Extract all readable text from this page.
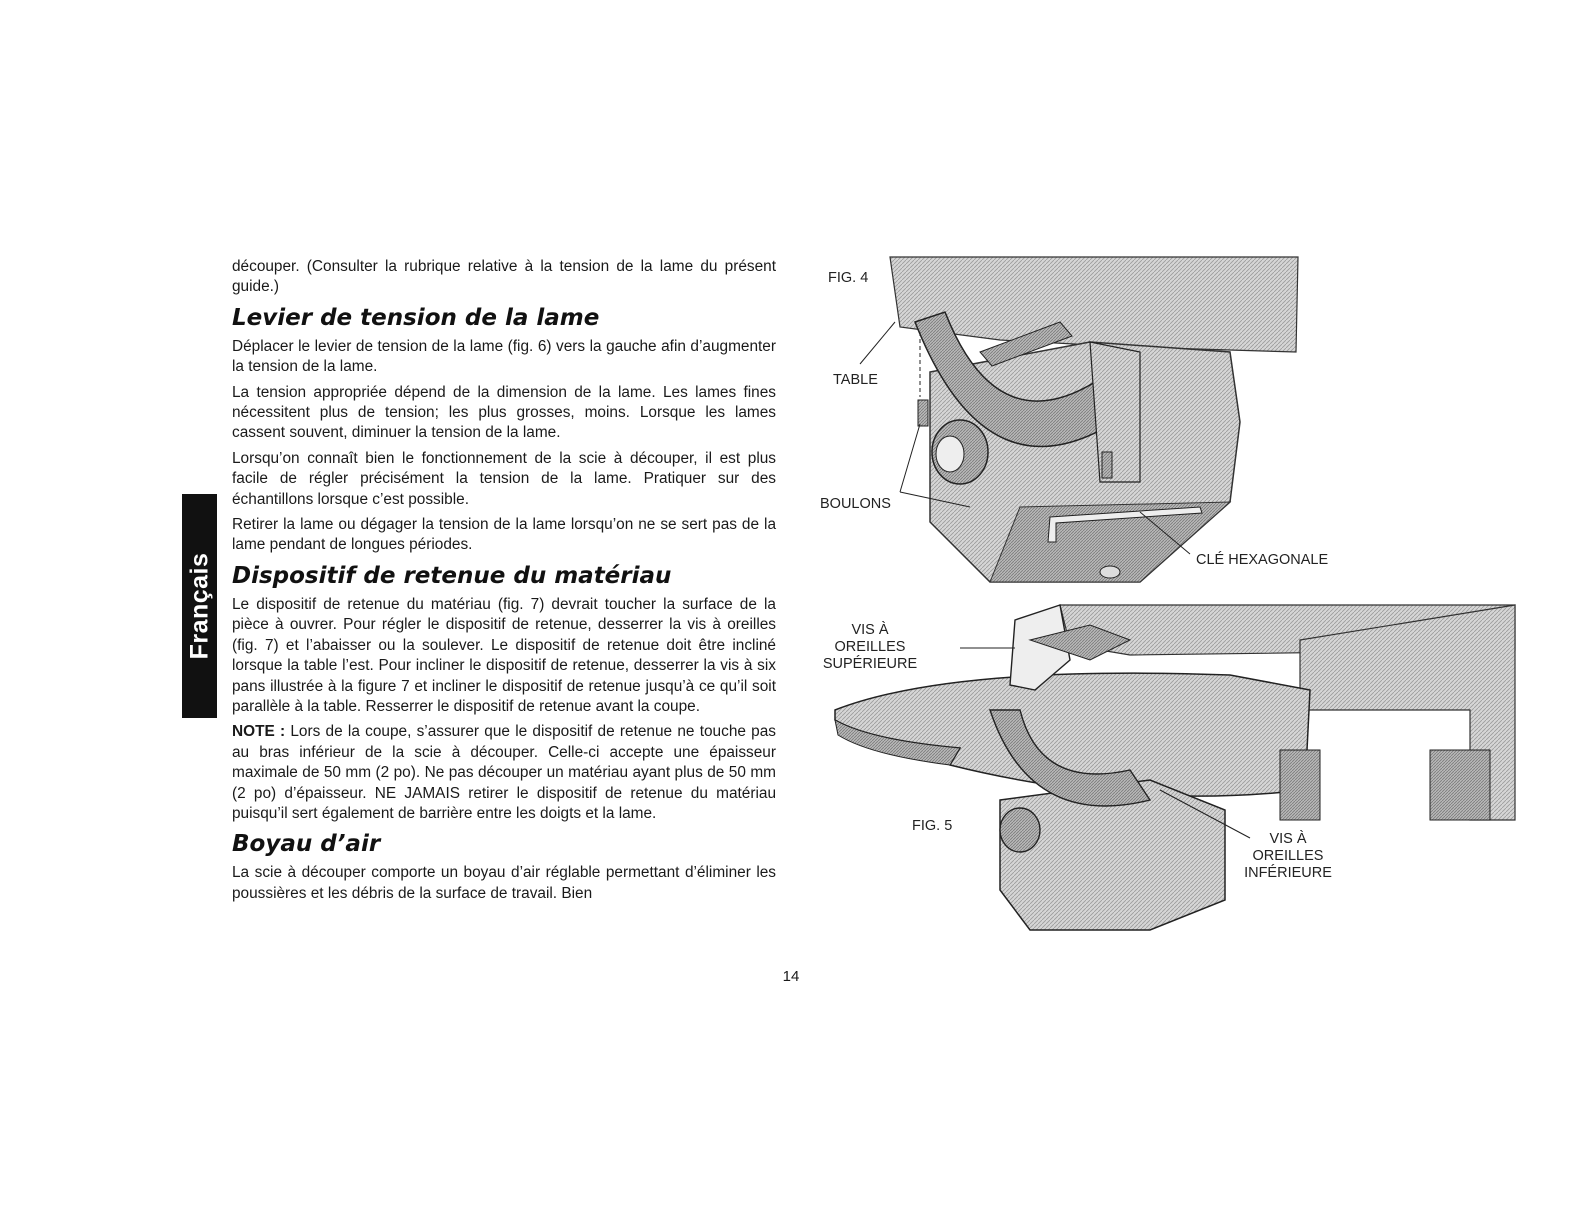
Français

découper. (Consulter la rubrique relative à la tension de la lame du présent guide.)

Levier de tension de la lame

Déplacer le levier de tension de la lame (fig. 6) vers la gauche afin d’augmenter la tension de la lame.

La tension appropriée dépend de la dimension de la lame. Les lames fines nécessitent plus de tension; les plus grosses, moins. Lorsque les lames cassent souvent, diminuer la tension de la lame.

Lorsqu’on connaît bien le fonctionnement de la scie à découper, il est plus facile de régler précisément la tension de la lame. Pratiquer sur des échantillons lorsque c’est possible.

Retirer la lame ou dégager la tension de la lame lorsqu’on ne se sert pas de la lame pendant de longues périodes.

Dispositif de retenue du matériau

Le dispositif de retenue du matériau (fig. 7) devrait toucher la surface de la pièce à ouvrer. Pour régler le dispositif de retenue, desserrer la vis à oreilles (fig. 7) et l’abaisser ou la soulever. Le dispositif de retenue doit être incliné lorsque la table l’est. Pour incliner le dispositif de retenue, desserrer la vis à six pans illustrée à la figure 7 et incliner le dispositif de retenue jusqu’à ce qu’il soit parallèle à la table. Resserrer le dispositif de retenue avant la coupe.

NOTE : Lors de la coupe, s’assurer que le dispositif de retenue ne touche pas au bras inférieur de la scie à découper. Celle-ci accepte une épaisseur maximale de 50 mm (2 po). Ne pas découper un matériau ayant plus de 50 mm (2 po) d’épaisseur. NE JAMAIS retirer le dispositif de retenue du matériau puisqu’il sert également de barrière entre les doigts et la lame.

Boyau d’air

La scie à découper comporte un boyau d’air réglable permettant d’éliminer les poussières et les débris de la surface de travail. Bien

FIG. 4
TABLE
BOULONS
CLÉ HEXAGONALE
VIS À
OREILLES
SUPÉRIEURE
FIG. 5
VIS À
OREILLES
INFÉRIEURE
14
